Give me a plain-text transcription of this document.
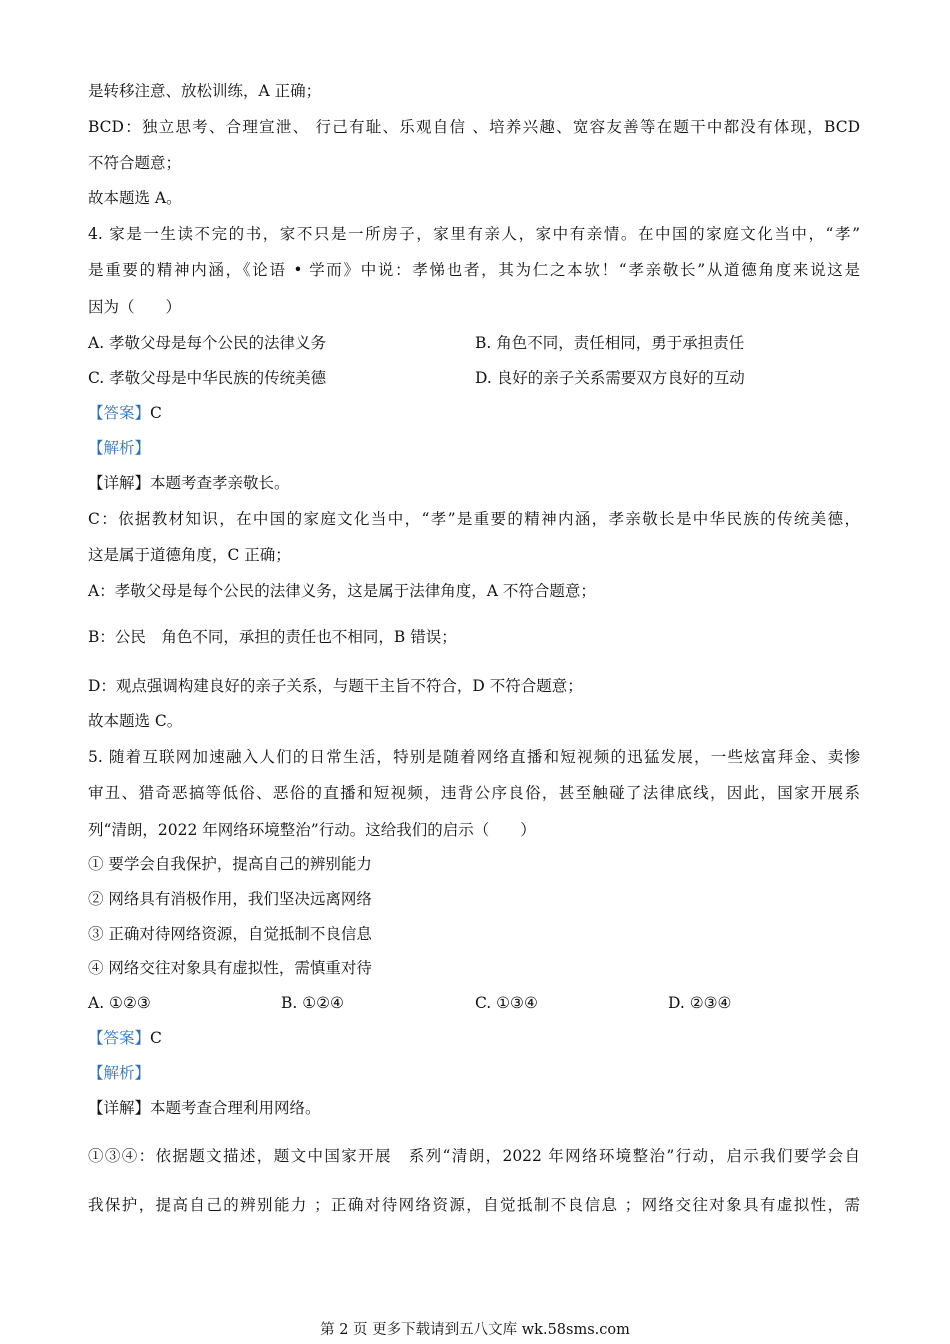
是转移注意、放松训练，A 正确；
BCD：独立思考、合理宣泄、 行己有耻、乐观自信 、培养兴趣、宽容友善等在题干中都没有体现，BCD
不符合题意；
故本题选 A。
4. 家是一生读不完的书，家不只是一所房子，家里有亲人，家中有亲情。在中国的家庭文化当中，“孝”
是重要的精神内涵，《论语 • 学而》中说：孝悌也者，其为仁之本欤！“孝亲敬长”从道德角度来说这是
因为（　　）
A. 孝敬父母是每个公民的法律义务	B. 角色不同，责任相同，勇于承担责任
C. 孝敬父母是中华民族的传统美德	D. 良好的亲子关系需要双方良好的互动
【答案】C
【解析】
【详解】本题考查孝亲敬长。
C：依据教材知识，在中国的家庭文化当中，“孝”是重要的精神内涵，孝亲敬长是中华民族的传统美德，
这是属于道德角度，C 正确；
A：孝敬父母是每个公民的法律义务，这是属于法律角度，A 不符合题意；
B：公民　角色不同，承担的责任也不相同，B 错误；
D：观点强调构建良好的亲子关系，与题干主旨不符合，D 不符合题意；
故本题选 C。
5. 随着互联网加速融入人们的日常生活，特别是随着网络直播和短视频的迅猛发展，一些炫富拜金、卖惨
审丑、猎奇恶搞等低俗、恶俗的直播和短视频，违背公序良俗，甚至触碰了法律底线，因此，国家开展系
列“清朗，2022 年网络环境整治”行动。这给我们的启示（　　）
① 要学会自我保护，提高自己的辨别能力
② 网络具有消极作用，我们坚决远离网络
③ 正确对待网络资源，自觉抵制不良信息
④ 网络交往对象具有虚拟性，需慎重对待
A. ①②③	B. ①②④	C. ①③④	D. ②③④
【答案】C
【解析】
【详解】本题考查合理利用网络。
①③④：依据题文描述，题文中国家开展　系列“清朗，2022 年网络环境整治”行动，启示我们要学会自
我保护，提高自己的辨别能力 ；正确对待网络资源，自觉抵制不良信息 ；网络交往对象具有虚拟性，需
第 2 页 更多下载请到五八文库 wk.58sms.com
